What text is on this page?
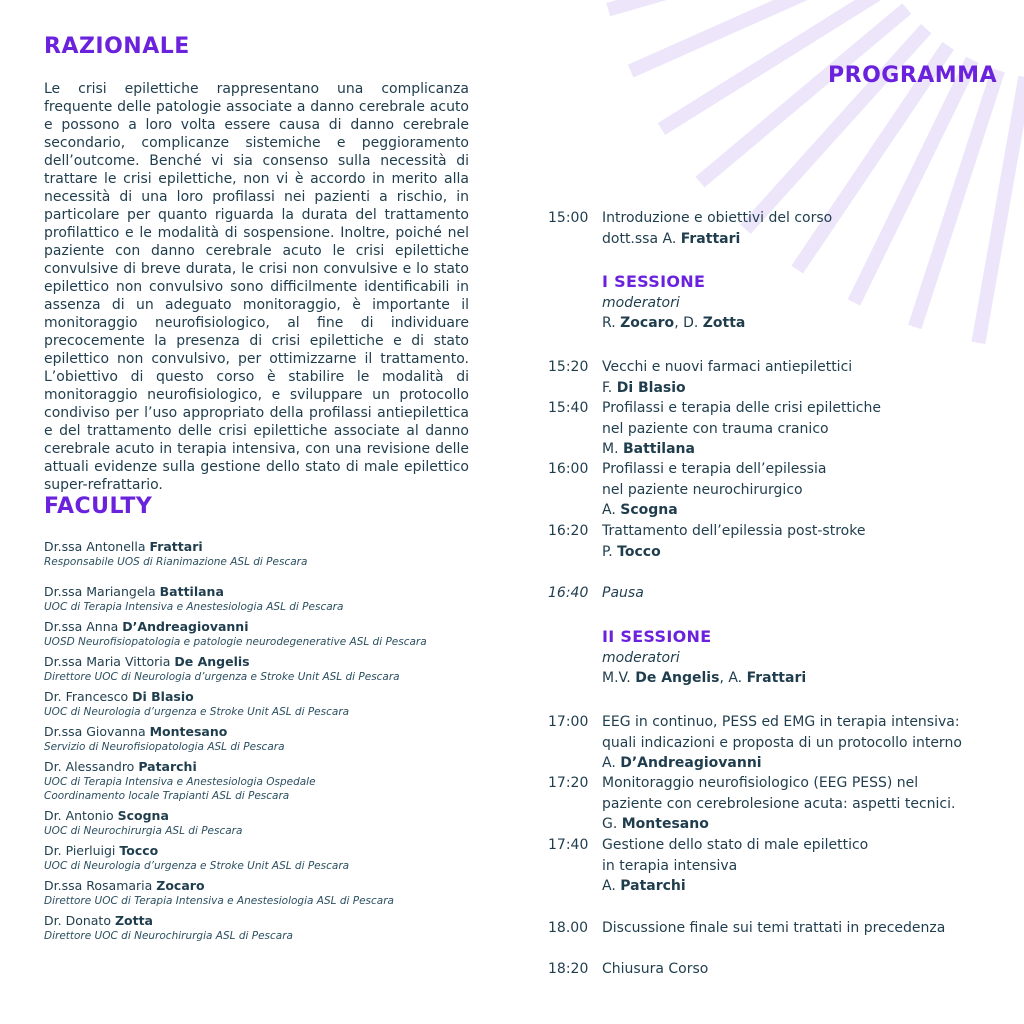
RAZIONALE

Le crisi epilettiche rappresentano una complicanza frequente delle patologie associate a danno cerebrale acuto e possono a loro volta essere causa di danno cerebrale secondario, complicanze sistemiche e peggioramento dell’outcome. Benché vi sia consenso sulla necessità di trattare le crisi epilettiche, non vi è accordo in merito alla necessità di una loro profilassi nei pazienti a rischio, in particolare per quanto riguarda la durata del trattamento profilattico e le modalità di sospensione. Inoltre, poiché nel paziente con danno cerebrale acuto le crisi epilettiche convulsive di breve durata, le crisi non convulsive e lo stato epilettico non convulsivo sono difficilmente identificabili in assenza di un adeguato monitoraggio, è importante il monitoraggio neurofisiologico, al fine di individuare precocemente la presenza di crisi epilettiche e di stato epilettico non convulsivo, per ottimizzarne il trattamento. L’obiettivo di questo corso è stabilire le modalità di monitoraggio neurofisiologico, e sviluppare un protocollo condiviso per l’uso appropriato della profilassi antiepilettica e del trattamento delle crisi epilettiche associate al danno cerebrale acuto in terapia intensiva, con una revisione delle attuali evidenze sulla gestione dello stato di male epilettico super-refrattario.

FACULTY
Dr.ssa Antonella Frattari
Responsabile UOS di Rianimazione ASL di Pescara
Dr.ssa Mariangela Battilana
UOC di Terapia Intensiva e Anestesiologia ASL di Pescara
Dr.ssa Anna D’Andreagiovanni
UOSD Neurofisiopatologia e patologie neurodegenerative ASL di Pescara
Dr.ssa Maria Vittoria De Angelis
Direttore UOC di Neurologia d’urgenza e Stroke Unit ASL di Pescara
Dr. Francesco Di Blasio
UOC di Neurologia d’urgenza e Stroke Unit ASL di Pescara
Dr.ssa Giovanna Montesano
Servizio di Neurofisiopatologia ASL di Pescara
Dr. Alessandro Patarchi
UOC di Terapia Intensiva e Anestesiologia Ospedale
Coordinamento locale Trapianti ASL di Pescara
Dr. Antonio Scogna
UOC di Neurochirurgia ASL di Pescara
Dr. Pierluigi Tocco
UOC di Neurologia d’urgenza e Stroke Unit ASL di Pescara
Dr.ssa Rosamaria Zocaro
Direttore UOC di Terapia Intensiva e Anestesiologia ASL di Pescara
Dr. Donato Zotta
Direttore UOC di Neurochirurgia ASL di Pescara
PROGRAMMA
15:00 Introduzione e obiettivi del corso
dott.ssa A. Frattari
I SESSIONE
moderatori
R. Zocaro, D. Zotta
15:20 Vecchi e nuovi farmaci antiepilettici
F. Di Blasio
15:40 Profilassi e terapia delle crisi epilettiche
nel paziente con trauma cranico
M. Battilana
16:00 Profilassi e terapia dell’epilessia
nel paziente neurochirurgico
A. Scogna
16:20 Trattamento dell’epilessia post-stroke
P. Tocco
16:40 Pausa
II SESSIONE
moderatori
M.V. De Angelis, A. Frattari
17:00 EEG in continuo, PESS ed EMG in terapia intensiva:
quali indicazioni e proposta di un protocollo interno
A. D’Andreagiovanni
17:20 Monitoraggio neurofisiologico (EEG PESS) nel
paziente con cerebrolesione acuta: aspetti tecnici.
G. Montesano
17:40 Gestione dello stato di male epilettico
in terapia intensiva
A. Patarchi
18.00 Discussione finale sui temi trattati in precedenza
18:20 Chiusura Corso
